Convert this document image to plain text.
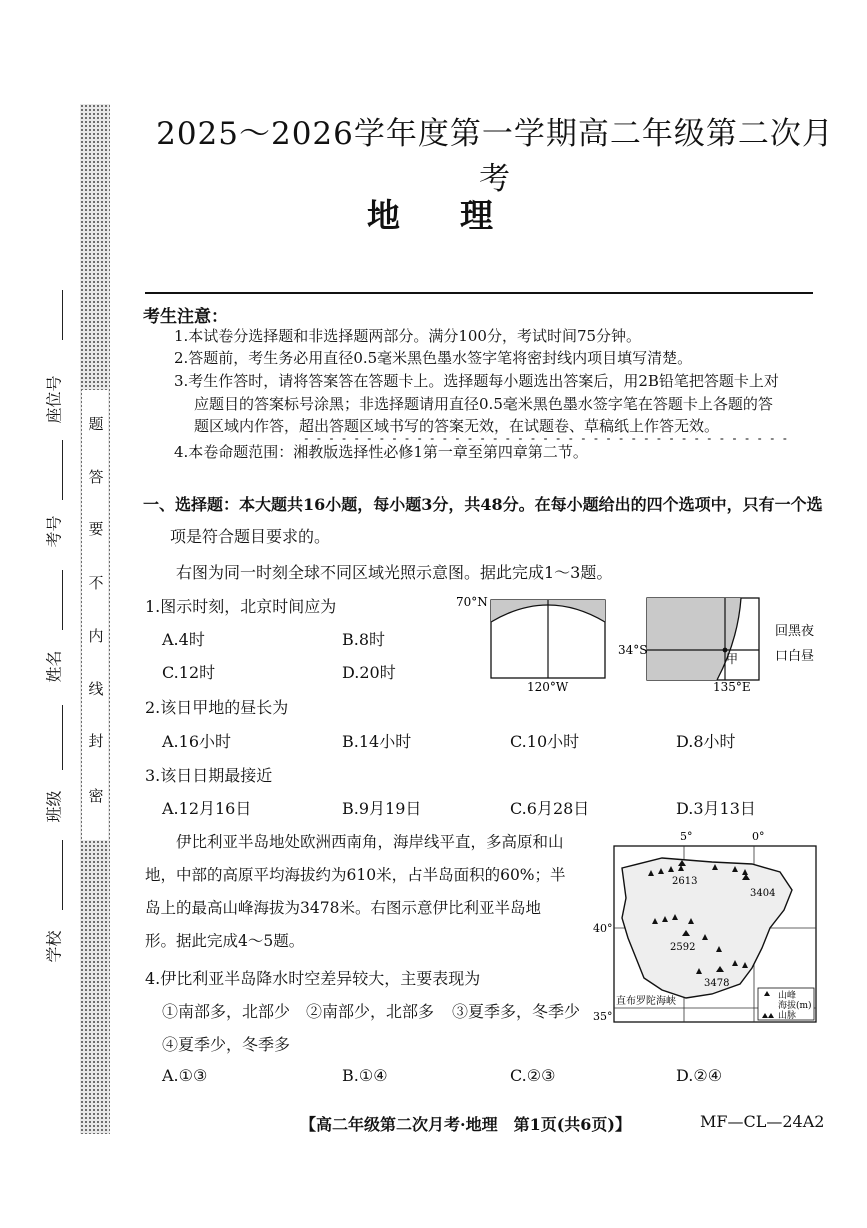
密
封
线
内
不
要
答
题
座位号
考号
姓名
班级
学校
2025～2026学年度第一学期高二年级第二次月考
地理
考生注意：
1.本试卷分选择题和非选择题两部分。满分100分，考试时间75分钟。
2.答题前，考生务必用直径0.5毫米黑色墨水签字笔将密封线内项目填写清楚。
3.考生作答时，请将答案答在答题卡上。选择题每小题选出答案后，用2B铅笔把答题卡上对
应题目的答案标号涂黑；非选择题请用直径0.5毫米黑色墨水签字笔在答题卡上各题的答
题区域内作答，超出答题区域书写的答案无效，在试题卷、草稿纸上作答无效。
4.本卷命题范围：湘教版选择性必修1第一章至第四章第二节。
一、选择题：本大题共16小题，每小题3分，共48分。在每小题给出的四个选项中，只有一个选
项是符合题目要求的。
右图为同一时刻全球不同区域光照示意图。据此完成1～3题。
1.图示时刻，北京时间应为
A.4时	B.8时
C.12时	D.20时
2.该日甲地的昼长为
A.16小时	B.14小时	C.10小时	D.8小时
3.该日日期最接近
A.12月16日	B.9月19日	C.6月28日	D.3月13日
伊比利亚半岛地处欧洲西南角，海岸线平直，多高原和山
地，中部的高原平均海拔约为610米，占半岛面积的60%；半
岛上的最高山峰海拔为3478米。右图示意伊比利亚半岛地
形。据此完成4～5题。
4.伊比利亚半岛降水时空差异较大，主要表现为
①南部多，北部少 ②南部少，北部多 ③夏季多，冬季少
④夏季少，冬季多
A.①③	B.①④	C.②③	D.②④
70°N
120°W
甲
34°S
135°E
回黑夜
口白昼
2613
3404
2592
3478
5°	0°
40°
35°
直布罗陀海峡	山峰
海拔(m)
山脉
【高二年级第二次月考·地理　第1页(共6页)】	MF—CL—24A2
